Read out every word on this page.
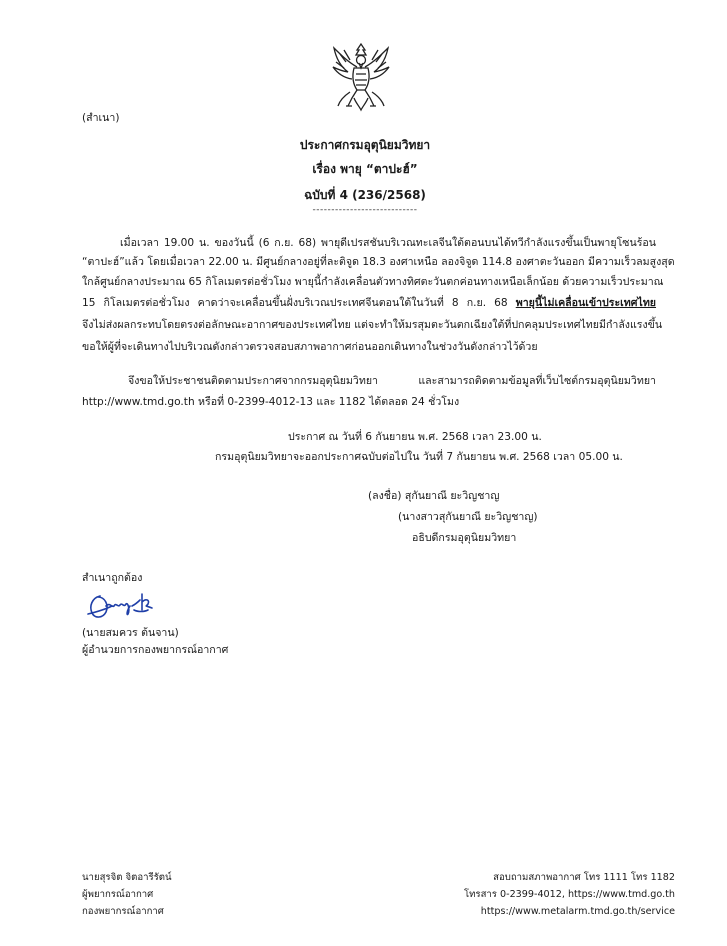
(สำเนา)
ประกาศกรมอุตุนิยมวิทยา
เรื่อง พายุ “ตาปะฮ์”
ฉบับที่ 4 (236/2568)
----------------------------
เมื่อเวลา 19.00 น. ของวันนี้ (6 ก.ย. 68) พายุดีเปรสชันบริเวณทะเลจีนใต้ตอนบนได้ทวีกำลังแรงขึ้นเป็นพายุโซนร้อน
“ตาปะฮ์”แล้ว โดยเมื่อเวลา 22.00 น. มีศูนย์กลางอยู่ที่ละติจูด 18.3 องศาเหนือ ลองจิจูด 114.8 องศาตะวันออก มีความเร็วลมสูงสุด
ใกล้ศูนย์กลางประมาณ 65 กิโลเมตรต่อชั่วโมง พายุนี้กำลังเคลื่อนตัวทางทิศตะวันตกค่อนทางเหนือเล็กน้อย ด้วยความเร็วประมาณ
15 กิโลเมตรต่อชั่วโมง คาดว่าจะเคลื่อนขึ้นฝั่งบริเวณประเทศจีนตอนใต้ในวันที่ 8 ก.ย. 68 พายุนี้ไม่เคลื่อนเข้าประเทศไทย
จึงไม่ส่งผลกระทบโดยตรงต่อลักษณะอากาศของประเทศไทย แต่จะทำให้มรสุมตะวันตกเฉียงใต้ที่ปกคลุมประเทศไทยมีกำลังแรงขึ้น
ขอให้ผู้ที่จะเดินทางไปบริเวณดังกล่าวตรวจสอบสภาพอากาศก่อนออกเดินทางในช่วงวันดังกล่าวไว้ด้วย
จึงขอให้ประชาชนติดตามประกาศจากกรมอุตุนิยมวิทยา และสามารถติดตามข้อมูลที่เว็บไซต์กรมอุตุนิยมวิทยา
http://www.tmd.go.th หรือที่ 0-2399-4012-13 และ 1182 ได้ตลอด 24 ชั่วโมง
ประกาศ ณ วันที่ 6 กันยายน พ.ศ. 2568 เวลา 23.00 น.
กรมอุตุนิยมวิทยาจะออกประกาศฉบับต่อไปใน วันที่ 7 กันยายน พ.ศ. 2568 เวลา 05.00 น.
(ลงชื่อ) สุกันยาณี ยะวิญชาญ
(นางสาวสุกันยาณี ยะวิญชาญ)
อธิบดีกรมอุตุนิยมวิทยา
สำเนาถูกต้อง
(นายสมควร ต้นจาน)
ผู้อำนวยการกองพยากรณ์อากาศ
นายสุรจิต จิตอารีรัตน์
ผู้พยากรณ์อากาศ
กองพยากรณ์อากาศ
สอบถามสภาพอากาศ โทร 1111 โทร 1182
โทรสาร 0-2399-4012, https://www.tmd.go.th
https://www.metalarm.tmd.go.th/service
